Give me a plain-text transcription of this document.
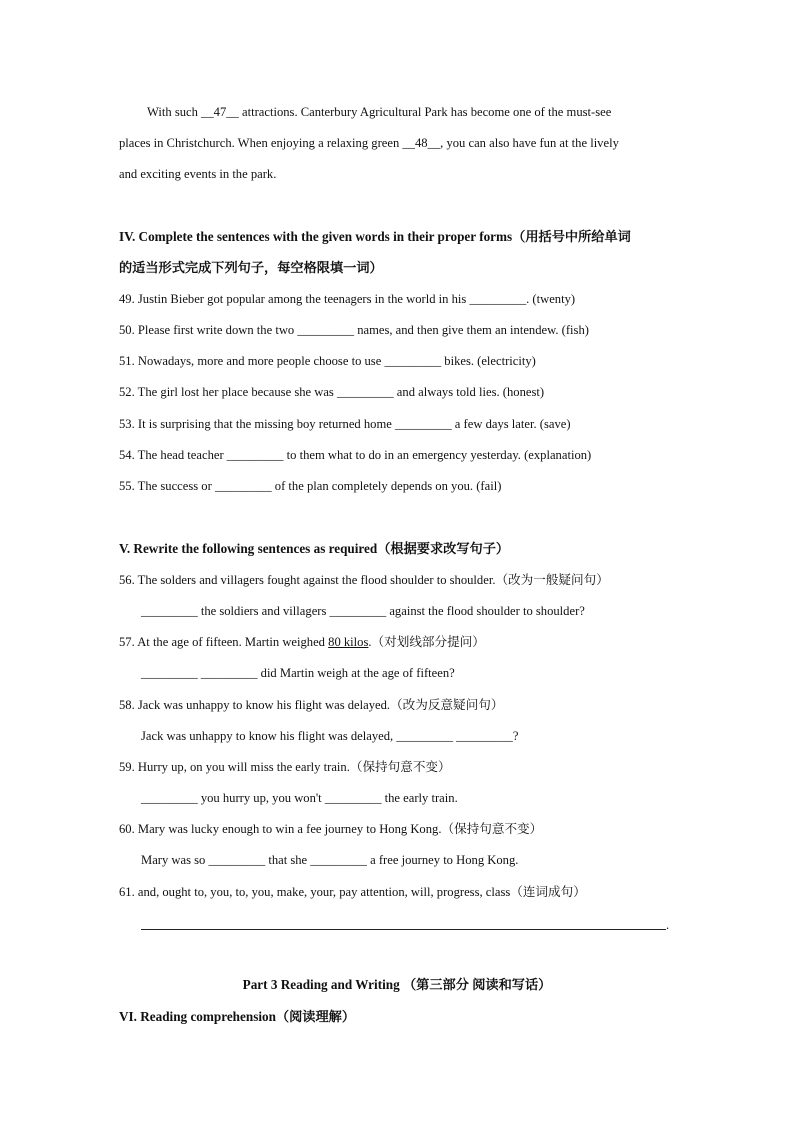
With such __47__ attractions. Canterbury Agricultural Park has become one of the must-see
places in Christchurch. When enjoying a relaxing green __48__, you can also have fun at the lively
and exciting events in the park.
IV. Complete the sentences with the given words in their proper forms（用括号中所给单词
的适当形式完成下列句子，每空格限填一词）
49. Justin Bieber got popular among the teenagers in the world in his _________. (twenty)
50. Please first write down the two _________ names, and then give them an intendew. (fish)
51. Nowadays, more and more people choose to use _________ bikes. (electricity)
52. The girl lost her place because she was _________ and always told lies. (honest)
53. It is surprising that the missing boy returned home _________ a few days later. (save)
54. The head teacher _________ to them what to do in an emergency yesterday. (explanation)
55. The success or _________ of the plan completely depends on you. (fail)
V. Rewrite the following sentences as required（根据要求改写句子）
56. The solders and villagers fought against the flood shoulder to shoulder.（改为一般疑问句）
_________ the soldiers and villagers _________ against the flood shoulder to shoulder?
57. At the age of fifteen. Martin weighed 80 kilos.（对划线部分提问）
_________ _________ did Martin weigh at the age of fifteen?
58. Jack was unhappy to know his flight was delayed.（改为反意疑问句）
Jack was unhappy to know his flight was delayed, _________ _________?
59. Hurry up, on you will miss the early train.（保持句意不变）
_________ you hurry up, you won't _________ the early train.
60. Mary was lucky enough to win a fee journey to Hong Kong.（保持句意不变）
Mary was so _________ that she _________ a free journey to Hong Kong.
61. and, ought to, you, to, you, make, your, pay attention, will, progress, class（连词成句）
.
Part 3 Reading and Writing （第三部分 阅读和写话）
VI. Reading comprehension（阅读理解）
